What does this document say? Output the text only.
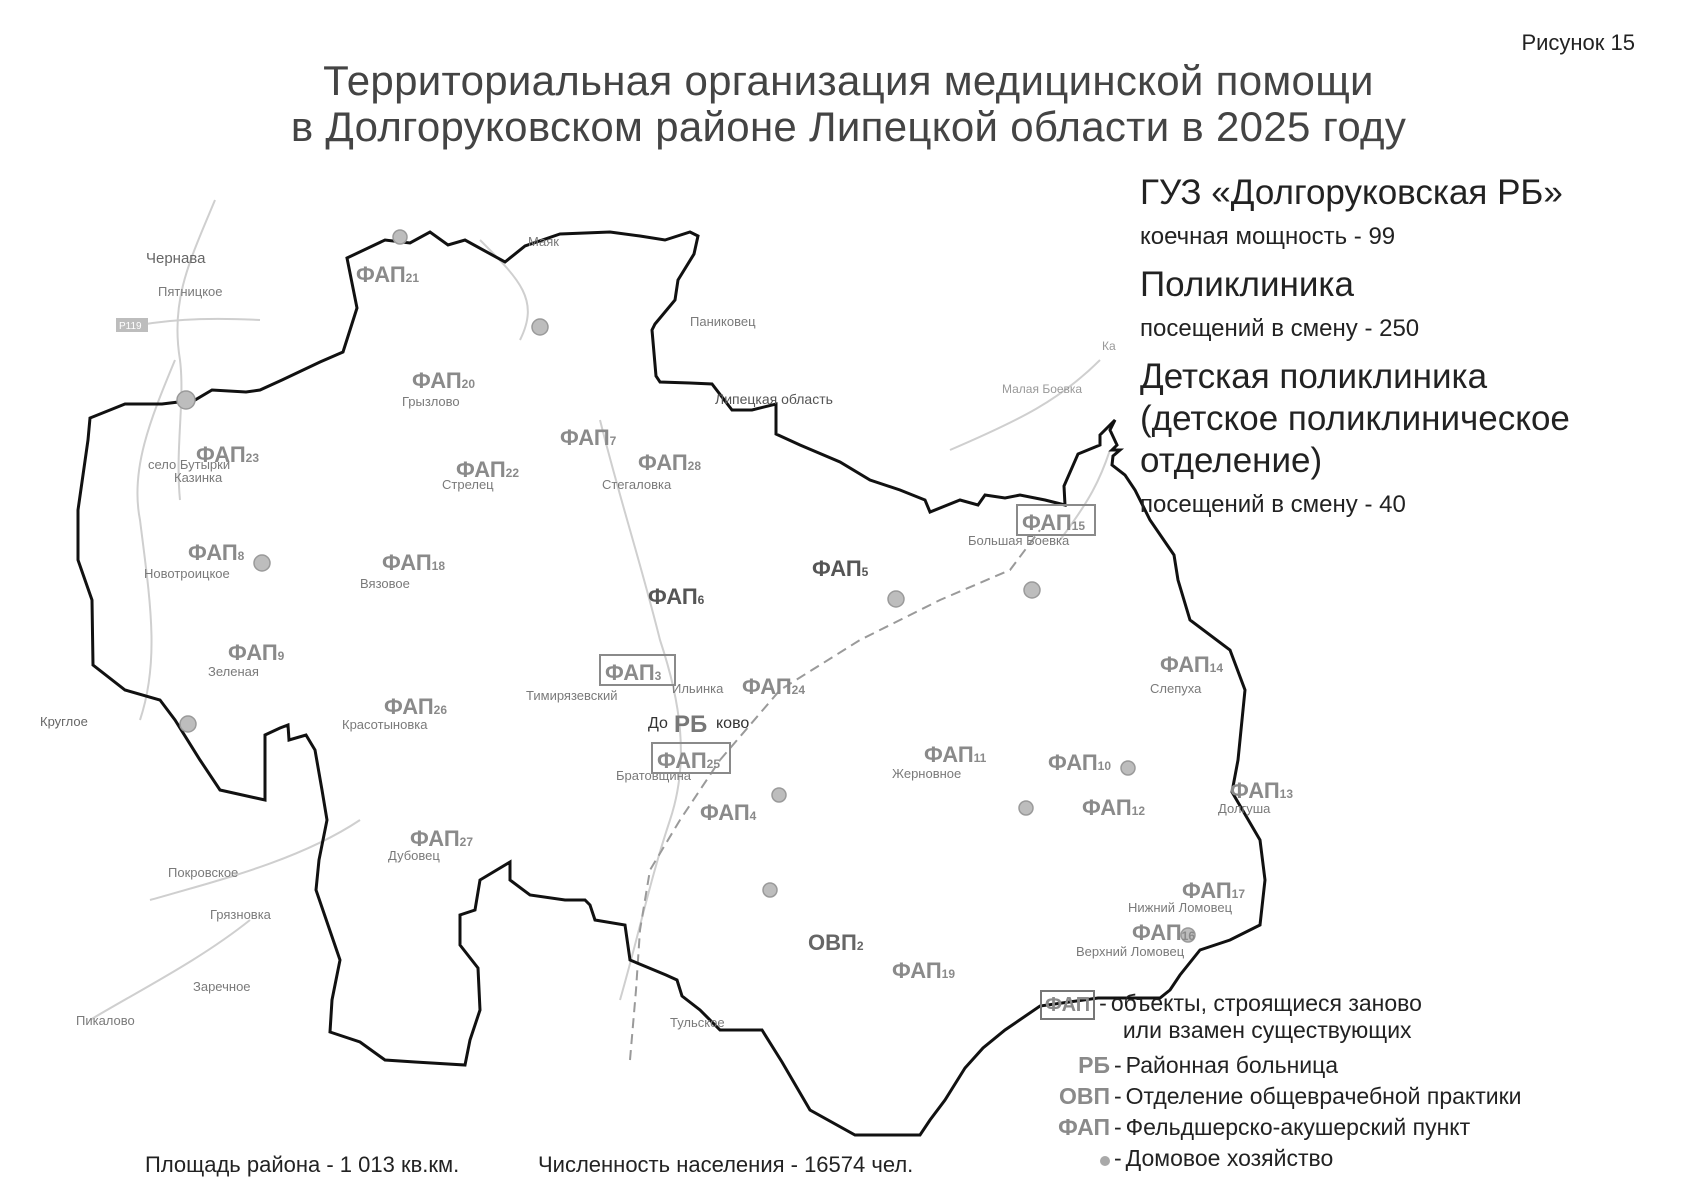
Рисунок 15
Территориальная организация медицинской помощи
в Долгоруковском районе Липецкой области в 2025 году
Чернава
Пятницкое
Р119
Маяк
Паниковец
Липецкая область
Малая Боевка
Ка
Грызлово
Стрелец	Стегаловка
село Бутырки
Казинка
Большая Боевка
Новотроицкое
Вязовое
Зеленая
Круглое
Тимирязевский	Ильинка
До	ково
Красотыновка
Братовщина	Жерновное
Слепуха
Долгуша
Дубовец
Покровское
Грязновка
Заречное
Пикалово	Тульское
Нижний Ломовец
Верхний Ломовец
ФАП21
ФАП20
ФАП23	ФАП22
ФАП7
ФАП28
ФАП15
ФАП8	ФАП18	ФАП5
ФАП6
ФАП9
ФАП3	ФАП24
ФАП14
ФАП26
РБ
ФАП25	ФАП11	ФАП10
ФАП13
ФАП12
ФАП4
ФАП27
ФАП17
ФАП16
ОВП2
ФАП19
ГУЗ «Долгоруковская РБ»
коечная мощность - 99
Поликлиника
посещений в смену - 250
Детская поликлиника
(детское поликлиническое
отделение)
посещений в смену - 40
ФАП - объекты, строящиеся заново
или взамен существующих
РБ - Районная больница
ОВП - Отделение общеврачебной практики
ФАП - Фельдшерско-акушерский пункт
- Домовое хозяйство
Площадь района - 1 013 кв.км.	Численность населения - 16574 чел.
